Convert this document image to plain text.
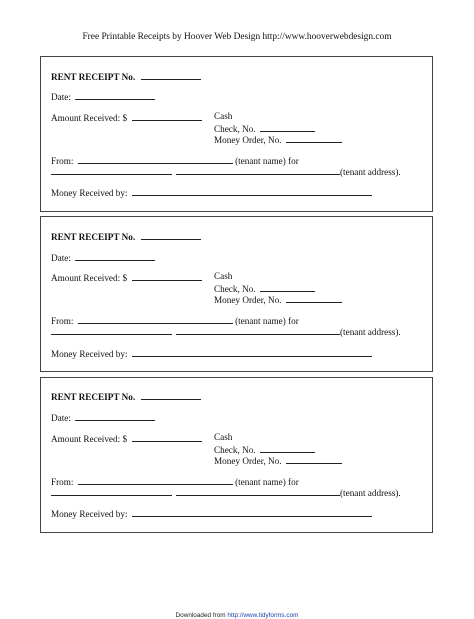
Free Printable Receipts by Hoover Web Design http://www.hooverwebdesign.com
RENT RECEIPT No.
Date:
Amount Received: $	Cash
Check, No.
Money Order, No.
From:	(tenant name) for
(tenant address).
Money Received by:
RENT RECEIPT No.
Date:
Amount Received: $	Cash
Check, No.
Money Order, No.
From:	(tenant name) for
(tenant address).
Money Received by:
RENT RECEIPT No.
Date:
Amount Received: $	Cash
Check, No.
Money Order, No.
From:	(tenant name) for
(tenant address).
Money Received by:
Downloaded from http://www.tidyforms.com
